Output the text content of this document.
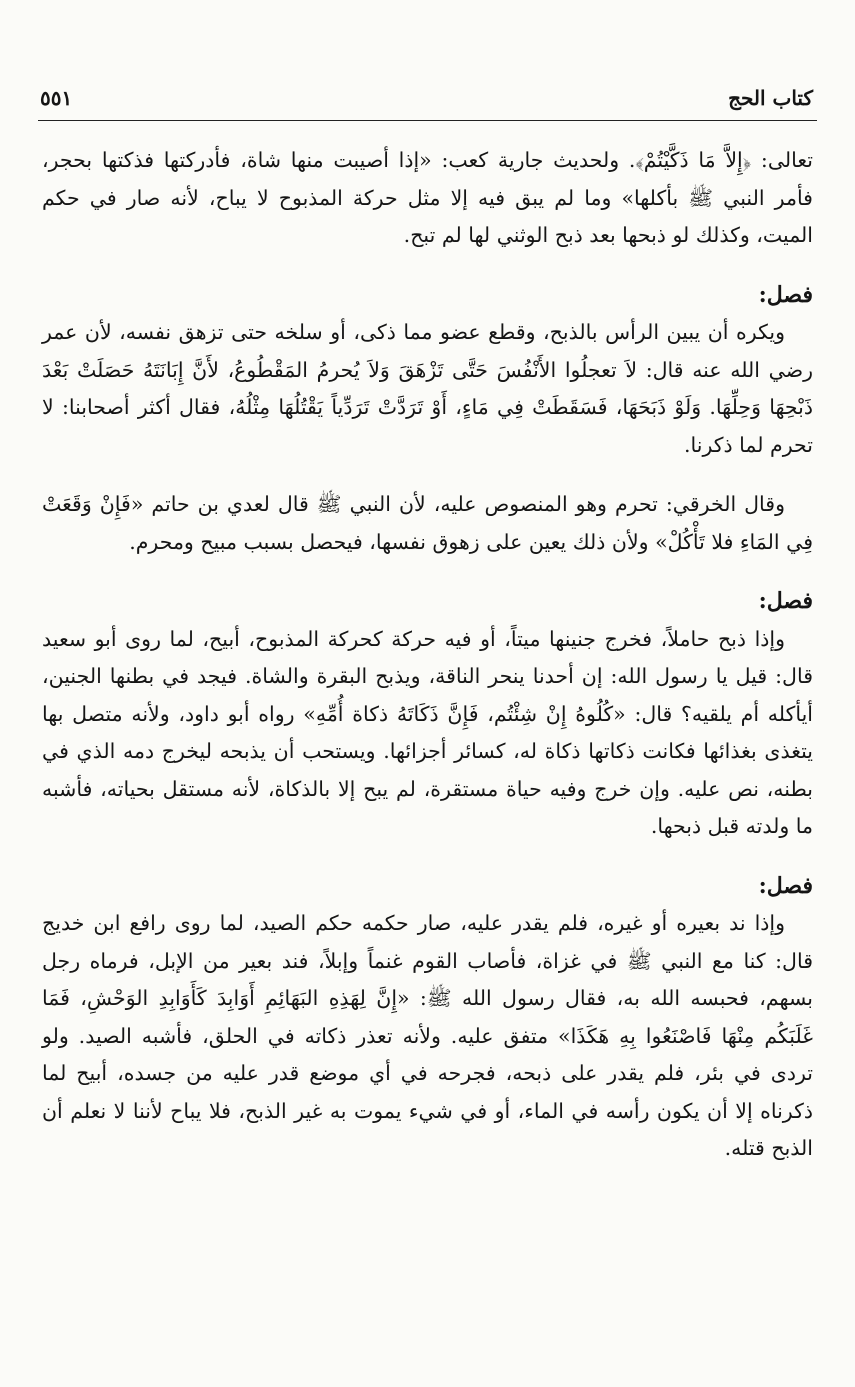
كتاب الحج
٥٥١

تعالى: ﴿إِلاَّ مَا ذَكَّيْتُمْ﴾. ولحديث جارية كعب: «إذا أصيبت منها شاة، فأدركتها فذكتها بحجر، فأمر النبي ﷺ بأكلها» وما لم يبق فيه إلا مثل حركة المذبوح لا يباح، لأنه صار في حكم الميت، وكذلك لو ذبحها بعد ذبح الوثني لها لم تبح.

فصل:

ويكره أن يبين الرأس بالذبح، وقطع عضو مما ذكى، أو سلخه حتى تزهق نفسه، لأن عمر رضي الله عنه قال: لاَ تعجلُوا الأَنْفُسَ حَتَّى تَزْهَقَ وَلاَ يُحرمُ المَقْطُوعُ، لأَنَّ إِبَانَتَهُ حَصَلَتْ بَعْدَ ذَبْحِهَا وَحِلِّهَا. وَلَوْ ذَبَحَهَا، فَسَقَطَتْ فِي مَاءٍ، أَوْ تَرَدَّتْ تَرَدِّياً يَقْتُلُهَا مِثْلُهُ، فقال أكثر أصحابنا: لا تحرم لما ذكرنا.

وقال الخرقي: تحرم وهو المنصوص عليه، لأن النبي ﷺ قال لعدي بن حاتم «فَإِنْ وَقَعَتْ فِي المَاءِ فلا تَأْكُلْ» ولأن ذلك يعين على زهوق نفسها، فيحصل بسبب مبيح ومحرم.

فصل:

وإذا ذبح حاملاً، فخرج جنينها ميتاً، أو فيه حركة كحركة المذبوح، أبيح، لما روى أبو سعيد قال: قيل يا رسول الله: إن أحدنا ينحر الناقة، ويذبح البقرة والشاة. فيجد في بطنها الجنين، أيأكله أم يلقيه؟ قال: «كُلُوهُ إِنْ شِئْتُم، فَإِنَّ ذَكَاتَهُ ذكاة أُمِّهِ» رواه أبو داود، ولأنه متصل بها يتغذى بغذائها فكانت ذكاتها ذكاة له، كسائر أجزائها. ويستحب أن يذبحه ليخرج دمه الذي في بطنه، نص عليه. وإن خرج وفيه حياة مستقرة، لم يبح إلا بالذكاة، لأنه مستقل بحياته، فأشبه ما ولدته قبل ذبحها.

فصل:

وإذا ند بعيره أو غيره، فلم يقدر عليه، صار حكمه حكم الصيد، لما روى رافع ابن خديج قال: كنا مع النبي ﷺ في غزاة، فأصاب القوم غنماً وإبلاً، فند بعير من الإبل، فرماه رجل بسهم، فحبسه الله به، فقال رسول الله ﷺ: «إِنَّ لِهَذِهِ البَهَائِمِ أَوَابِدَ كَأَوَابِدِ الوَحْشِ، فَمَا غَلَبَكُم مِنْهَا فَاصْنَعُوا بِهِ هَكَذَا» متفق عليه. ولأنه تعذر ذكاته في الحلق، فأشبه الصيد. ولو تردى في بئر، فلم يقدر على ذبحه، فجرحه في أي موضع قدر عليه من جسده، أبيح لما ذكرناه إلا أن يكون رأسه في الماء، أو في شيء يموت به غير الذبح، فلا يباح لأننا لا نعلم أن الذبح قتله.
